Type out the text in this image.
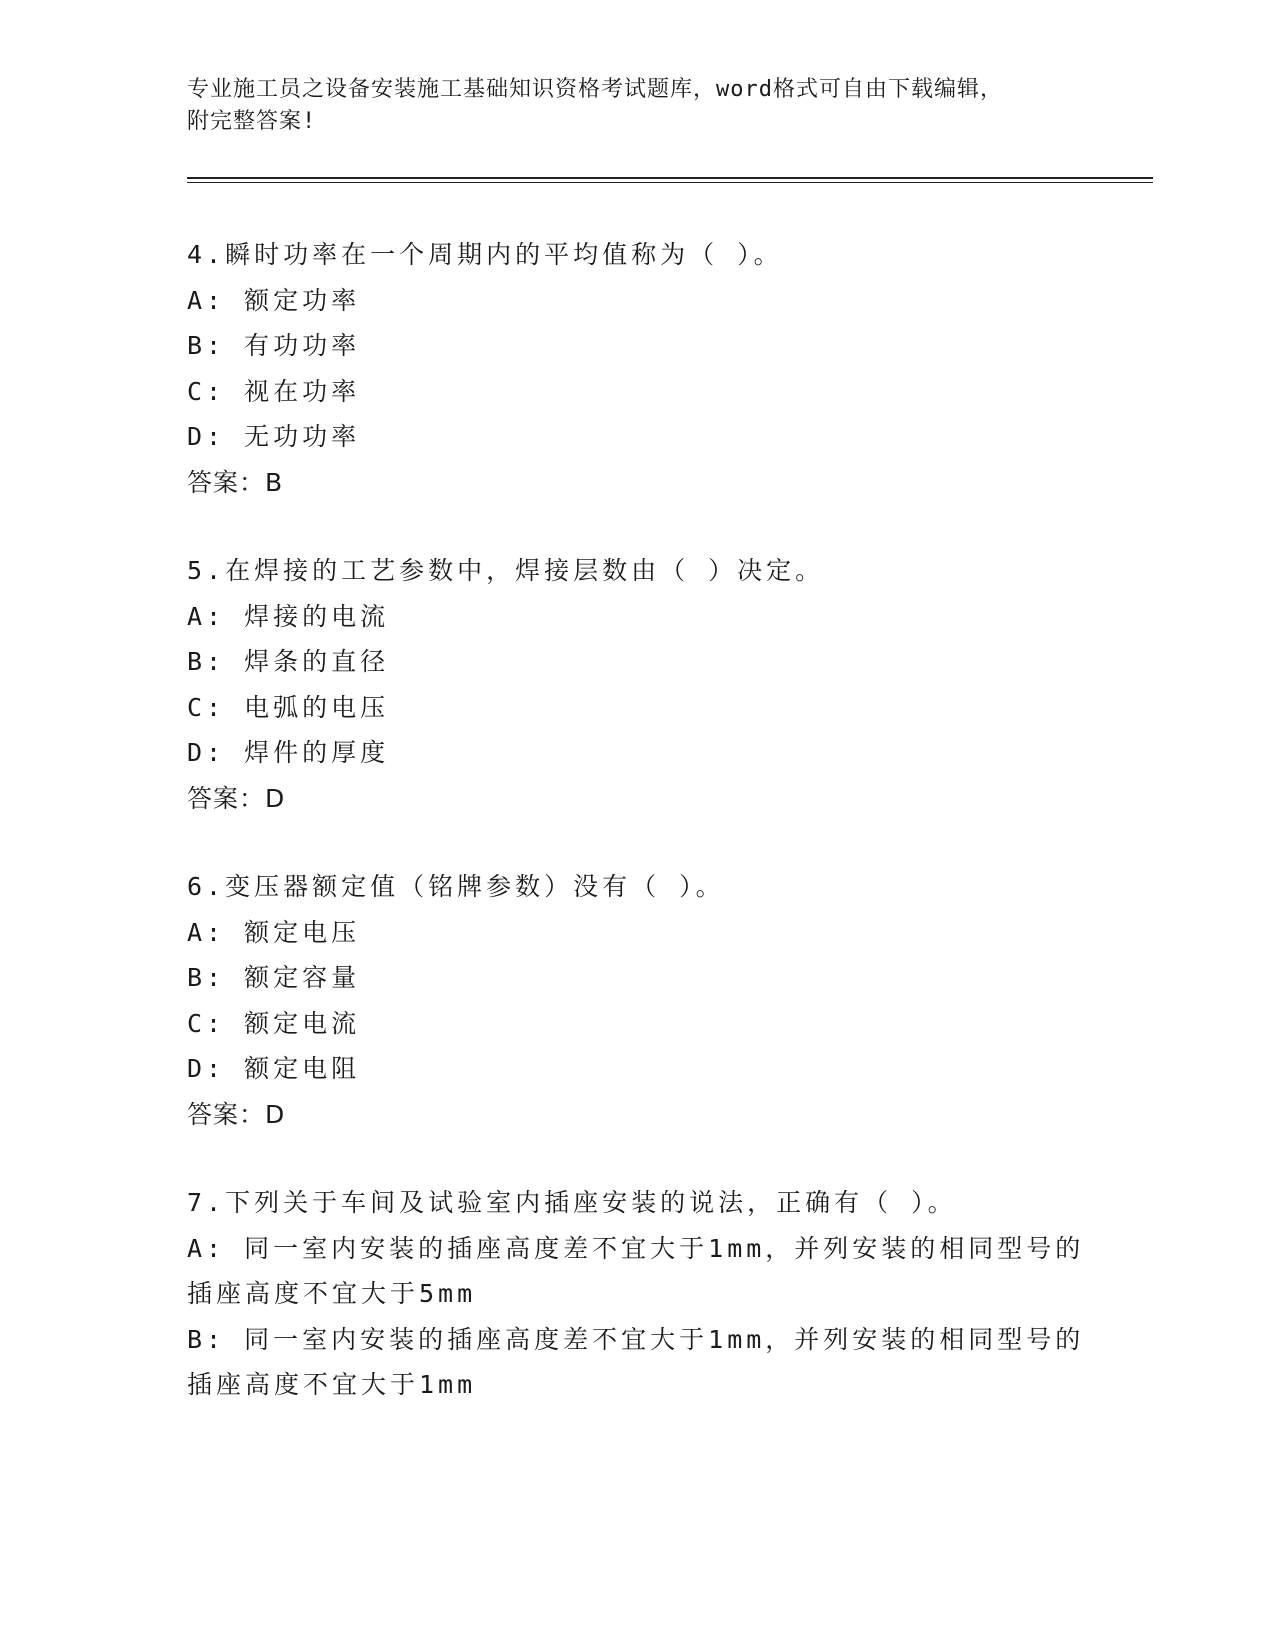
专业施工员之设备安装施工基础知识资格考试题库，word格式可自由下载编辑，
附完整答案!
4.瞬时功率在一个周期内的平均值称为（ ）。
A: 额定功率
B: 有功功率
C: 视在功率
D: 无功功率
答案：B
5.在焊接的工艺参数中，焊接层数由（ ）决定。
A: 焊接的电流
B: 焊条的直径
C: 电弧的电压
D: 焊件的厚度
答案：D
6.变压器额定值（铭牌参数）没有（ ）。
A: 额定电压
B: 额定容量
C: 额定电流
D: 额定电阻
答案：D
7.下列关于车间及试验室内插座安装的说法，正确有（ ）。
A: 同一室内安装的插座高度差不宜大于1mm，并列安装的相同型号的
插座高度不宜大于5mm
B: 同一室内安装的插座高度差不宜大于1mm，并列安装的相同型号的
插座高度不宜大于1mm
